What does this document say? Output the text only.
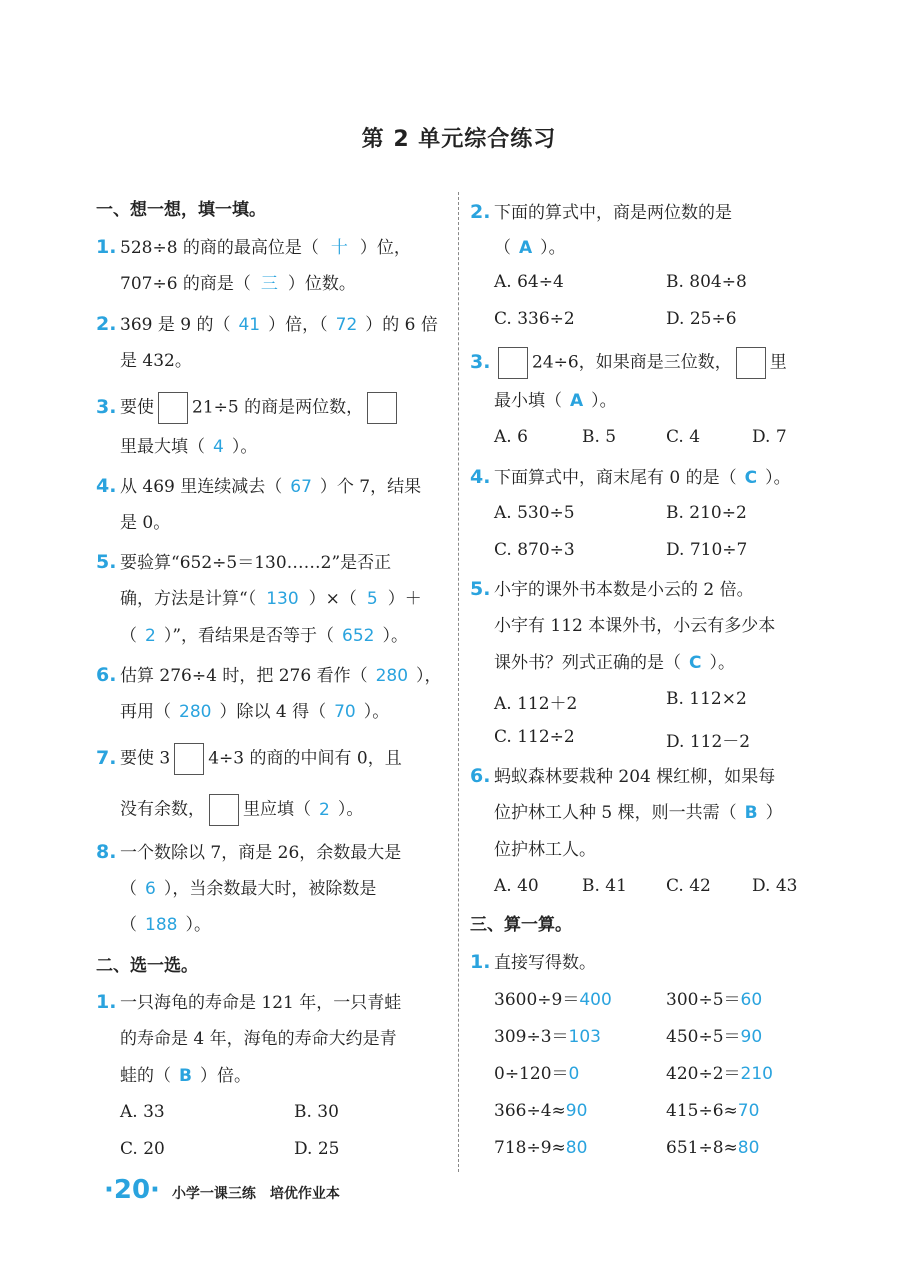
第 2 单元综合练习
一、想一想，填一填。
1. 528÷8 的商的最高位是（ 十 ）位，
707÷6 的商是（ 三 ）位数。
2. 369 是 9 的（ 41 ）倍，（ 72 ）的 6 倍
是 432。
3. 要使 21÷5 的商是两位数，
里最大填（ 4 ）。
4. 从 469 里连续减去（ 67 ）个 7，结果
是 0。
5. 要验算“652÷5＝130……2”是否正
确，方法是计算“（ 130 ）×（ 5 ）＋
（ 2 ）”，看结果是否等于（ 652 ）。
6. 估算 276÷4 时，把 276 看作（ 280 ），
再用（ 280 ）除以 4 得（ 70 ）。
7. 要使 3 4÷3 的商的中间有 0，且
没有余数， 里应填（ 2 ）。
8. 一个数除以 7，商是 26，余数最大是
（ 6 ），当余数最大时，被除数是
（ 188 ）。
二、选一选。
1. 一只海龟的寿命是 121 年，一只青蛙
的寿命是 4 年，海龟的寿命大约是青
蛙的（ B ）倍。
A. 33	B. 30
C. 20	D. 25
2. 下面的算式中，商是两位数的是
（ A ）。
A. 64÷4	B. 804÷8
C. 336÷2	D. 25÷6
3. 24÷6，如果商是三位数， 里
最小填（ A ）。
A. 6	B. 5	C. 4	D. 7
4. 下面算式中，商末尾有 0 的是（ C ）。
A. 530÷5	B. 210÷2
C. 870÷3	D. 710÷7
5. 小宇的课外书本数是小云的 2 倍。
小宇有 112 本课外书，小云有多少本
课外书？列式正确的是（ C ）。
A. 112＋2	B. 112×2
C. 112÷2	D. 112－2
6. 蚂蚁森林要栽种 204 棵红柳，如果每
位护林工人种 5 棵，则一共需（ B ）
位护林工人。
A. 40	B. 41 C. 42 D. 43
三、算一算。
1. 直接写得数。
3600÷9＝400	300÷5＝60
309÷3＝103	450÷5＝90
0÷120＝0	420÷2＝210
366÷4≈90	415÷6≈70
718÷9≈80	651÷8≈80
·20· 小学一课三练　培优作业本
